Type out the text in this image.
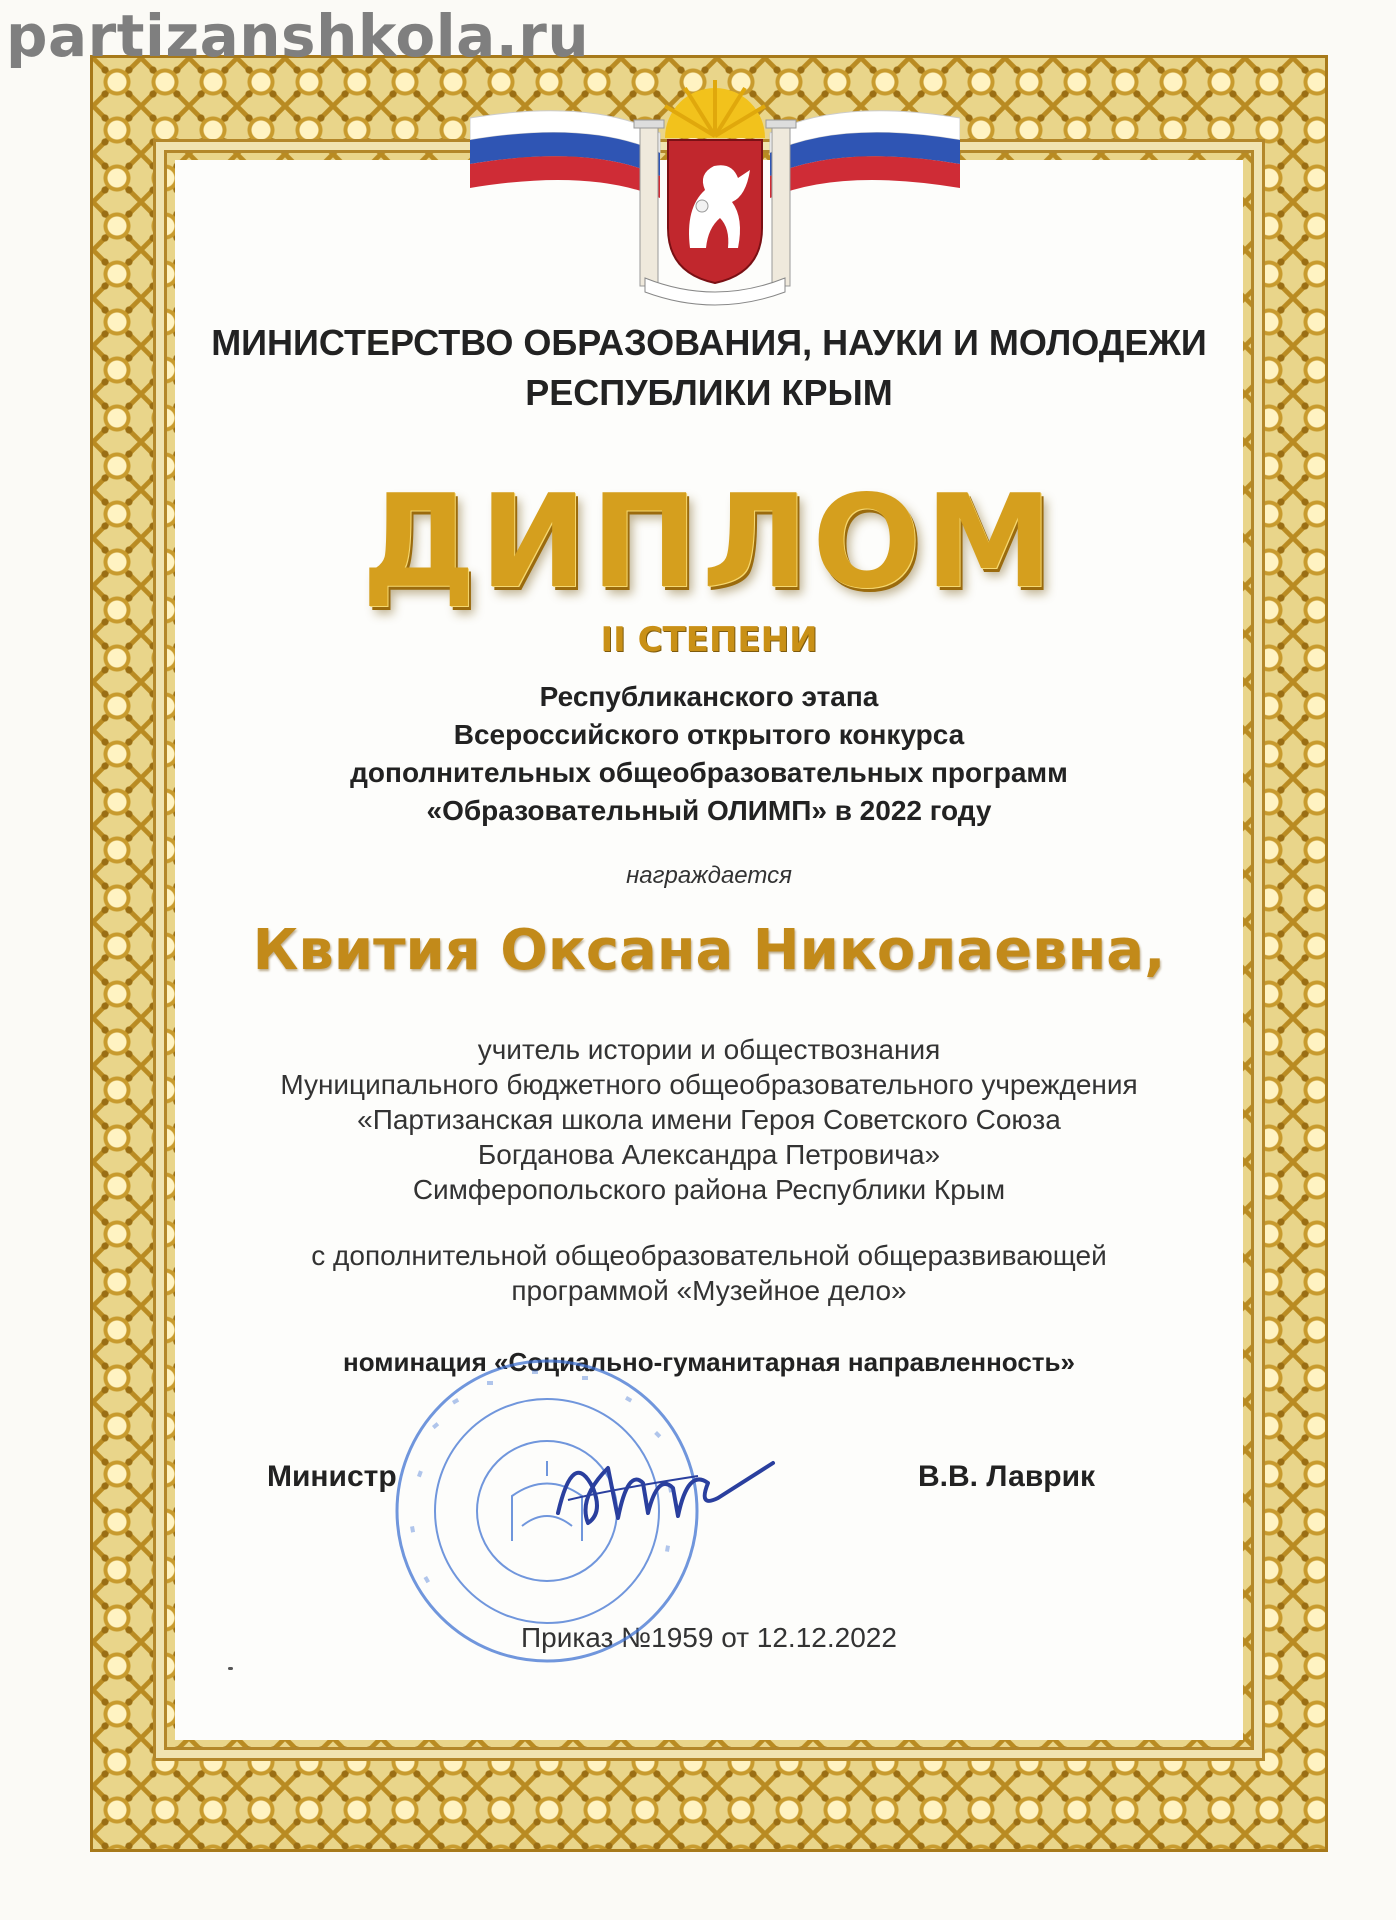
partizanshkola.ru
МИНИСТЕРСТВО ОБРАЗОВАНИЯ, НАУКИ И МОЛОДЕЖИ
РЕСПУБЛИКИ КРЫМ
ДИПЛОМ
II СТЕПЕНИ
Республиканского этапа
Всероссийского открытого конкурса
дополнительных общеобразовательных программ
«Образовательный ОЛИМП» в 2022 году
награждается
Квития Оксана Николаевна,
учитель истории и обществознания
Муниципального бюджетного общеобразовательного учреждения
«Партизанская школа имени Героя Советского Союза
Богданова Александра Петровича»
Симферопольского района Республики Крым
с дополнительной общеобразовательной общеразвивающей
программой «Музейное дело»
номинация «Социально-гуманитарная направленность»
Министр	В.В. Лаврик
Приказ №1959 от 12.12.2022
